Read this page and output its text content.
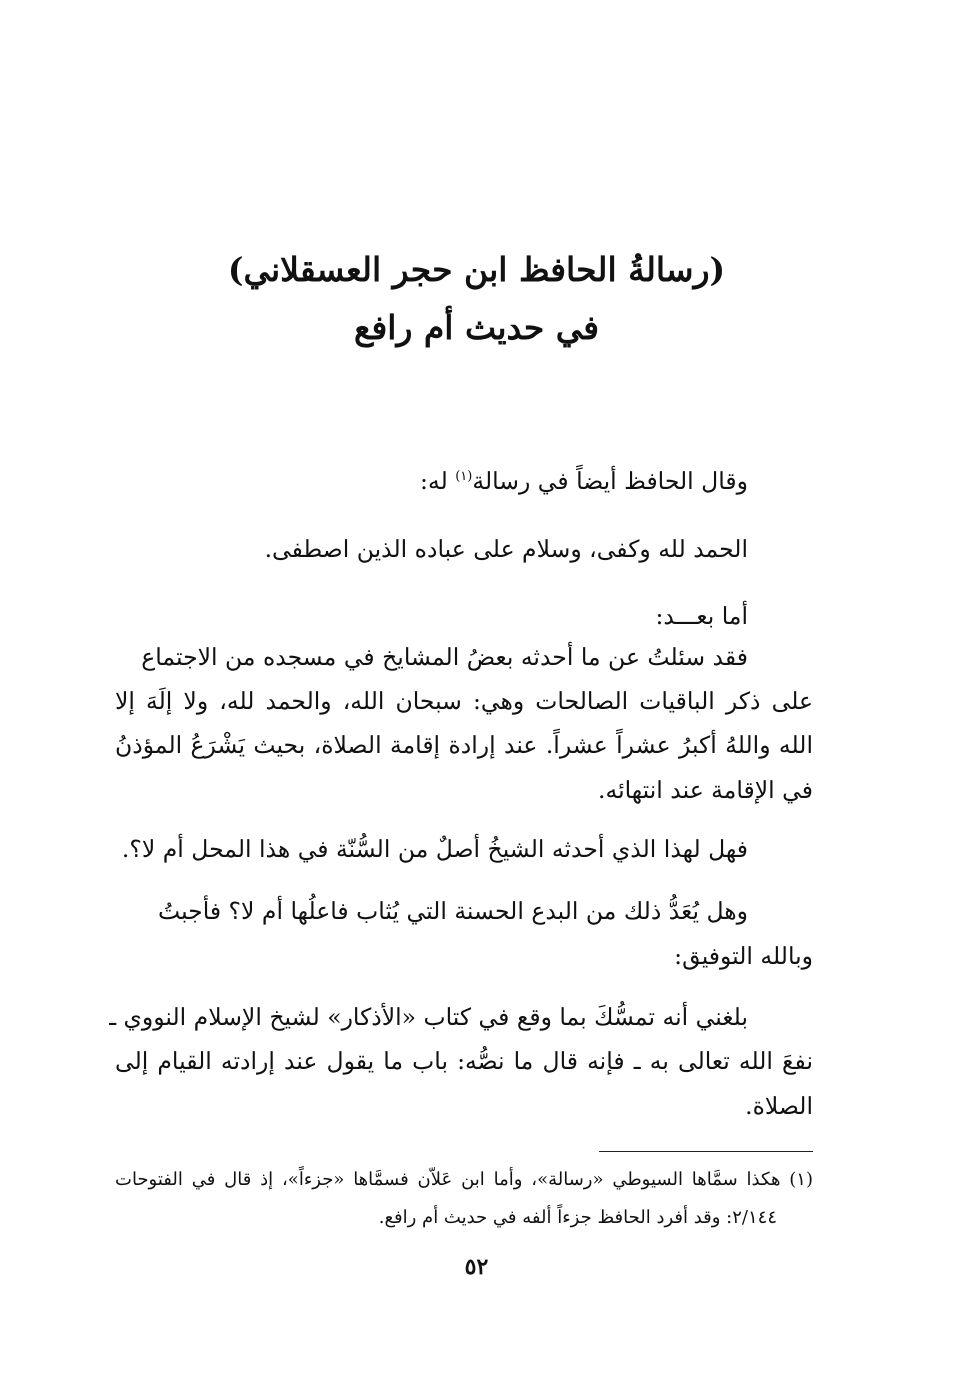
(رسالةُ الحافظ ابن حجر العسقلاني)
في حديث أم رافع
وقال الحافظ أيضاً في رسالة$^{(١)}$ له:
الحمد لله وكفى، وسلام على عباده الذين اصطفى.
أما بعـــد:
فقد سئلتُ عن ما أحدثه بعضُ المشايخ في مسجده من الاجتماع
على ذكر الباقيات الصالحات وهي: سبحان الله، والحمد لله، ولا إلَهَ إلا
الله واللهُ أكبرُ عشراً عشراً. عند إرادة إقامة الصلاة، بحيث يَشْرَعُ المؤذنُ
في الإقامة عند انتهائه.
فهل لهذا الذي أحدثه الشيخُ أصلٌ من السُّنّة في هذا المحل أم لا؟.
وهل يُعَدُّ ذلك من البدع الحسنة التي يُثاب فاعلُها أم لا؟ فأجبتُ
وبالله التوفيق:
بلغني أنه تمسُّكَ بما وقع في كتاب «الأذكار» لشيخ الإسلام النووي ـ
نفعَ الله تعالى به ـ فإنه قال ما نصُّه: باب ما يقول عند إرادته القيام إلى
الصلاة.
(١) هكذا سمَّاها السيوطي «رسالة»، وأما ابن عَلاّن فسمَّاها «جزءاً»، إذ قال في الفتوحات
٢/١٤٤: وقد أفرد الحافظ جزءاً ألفه في حديث أم رافع.
٥٢
